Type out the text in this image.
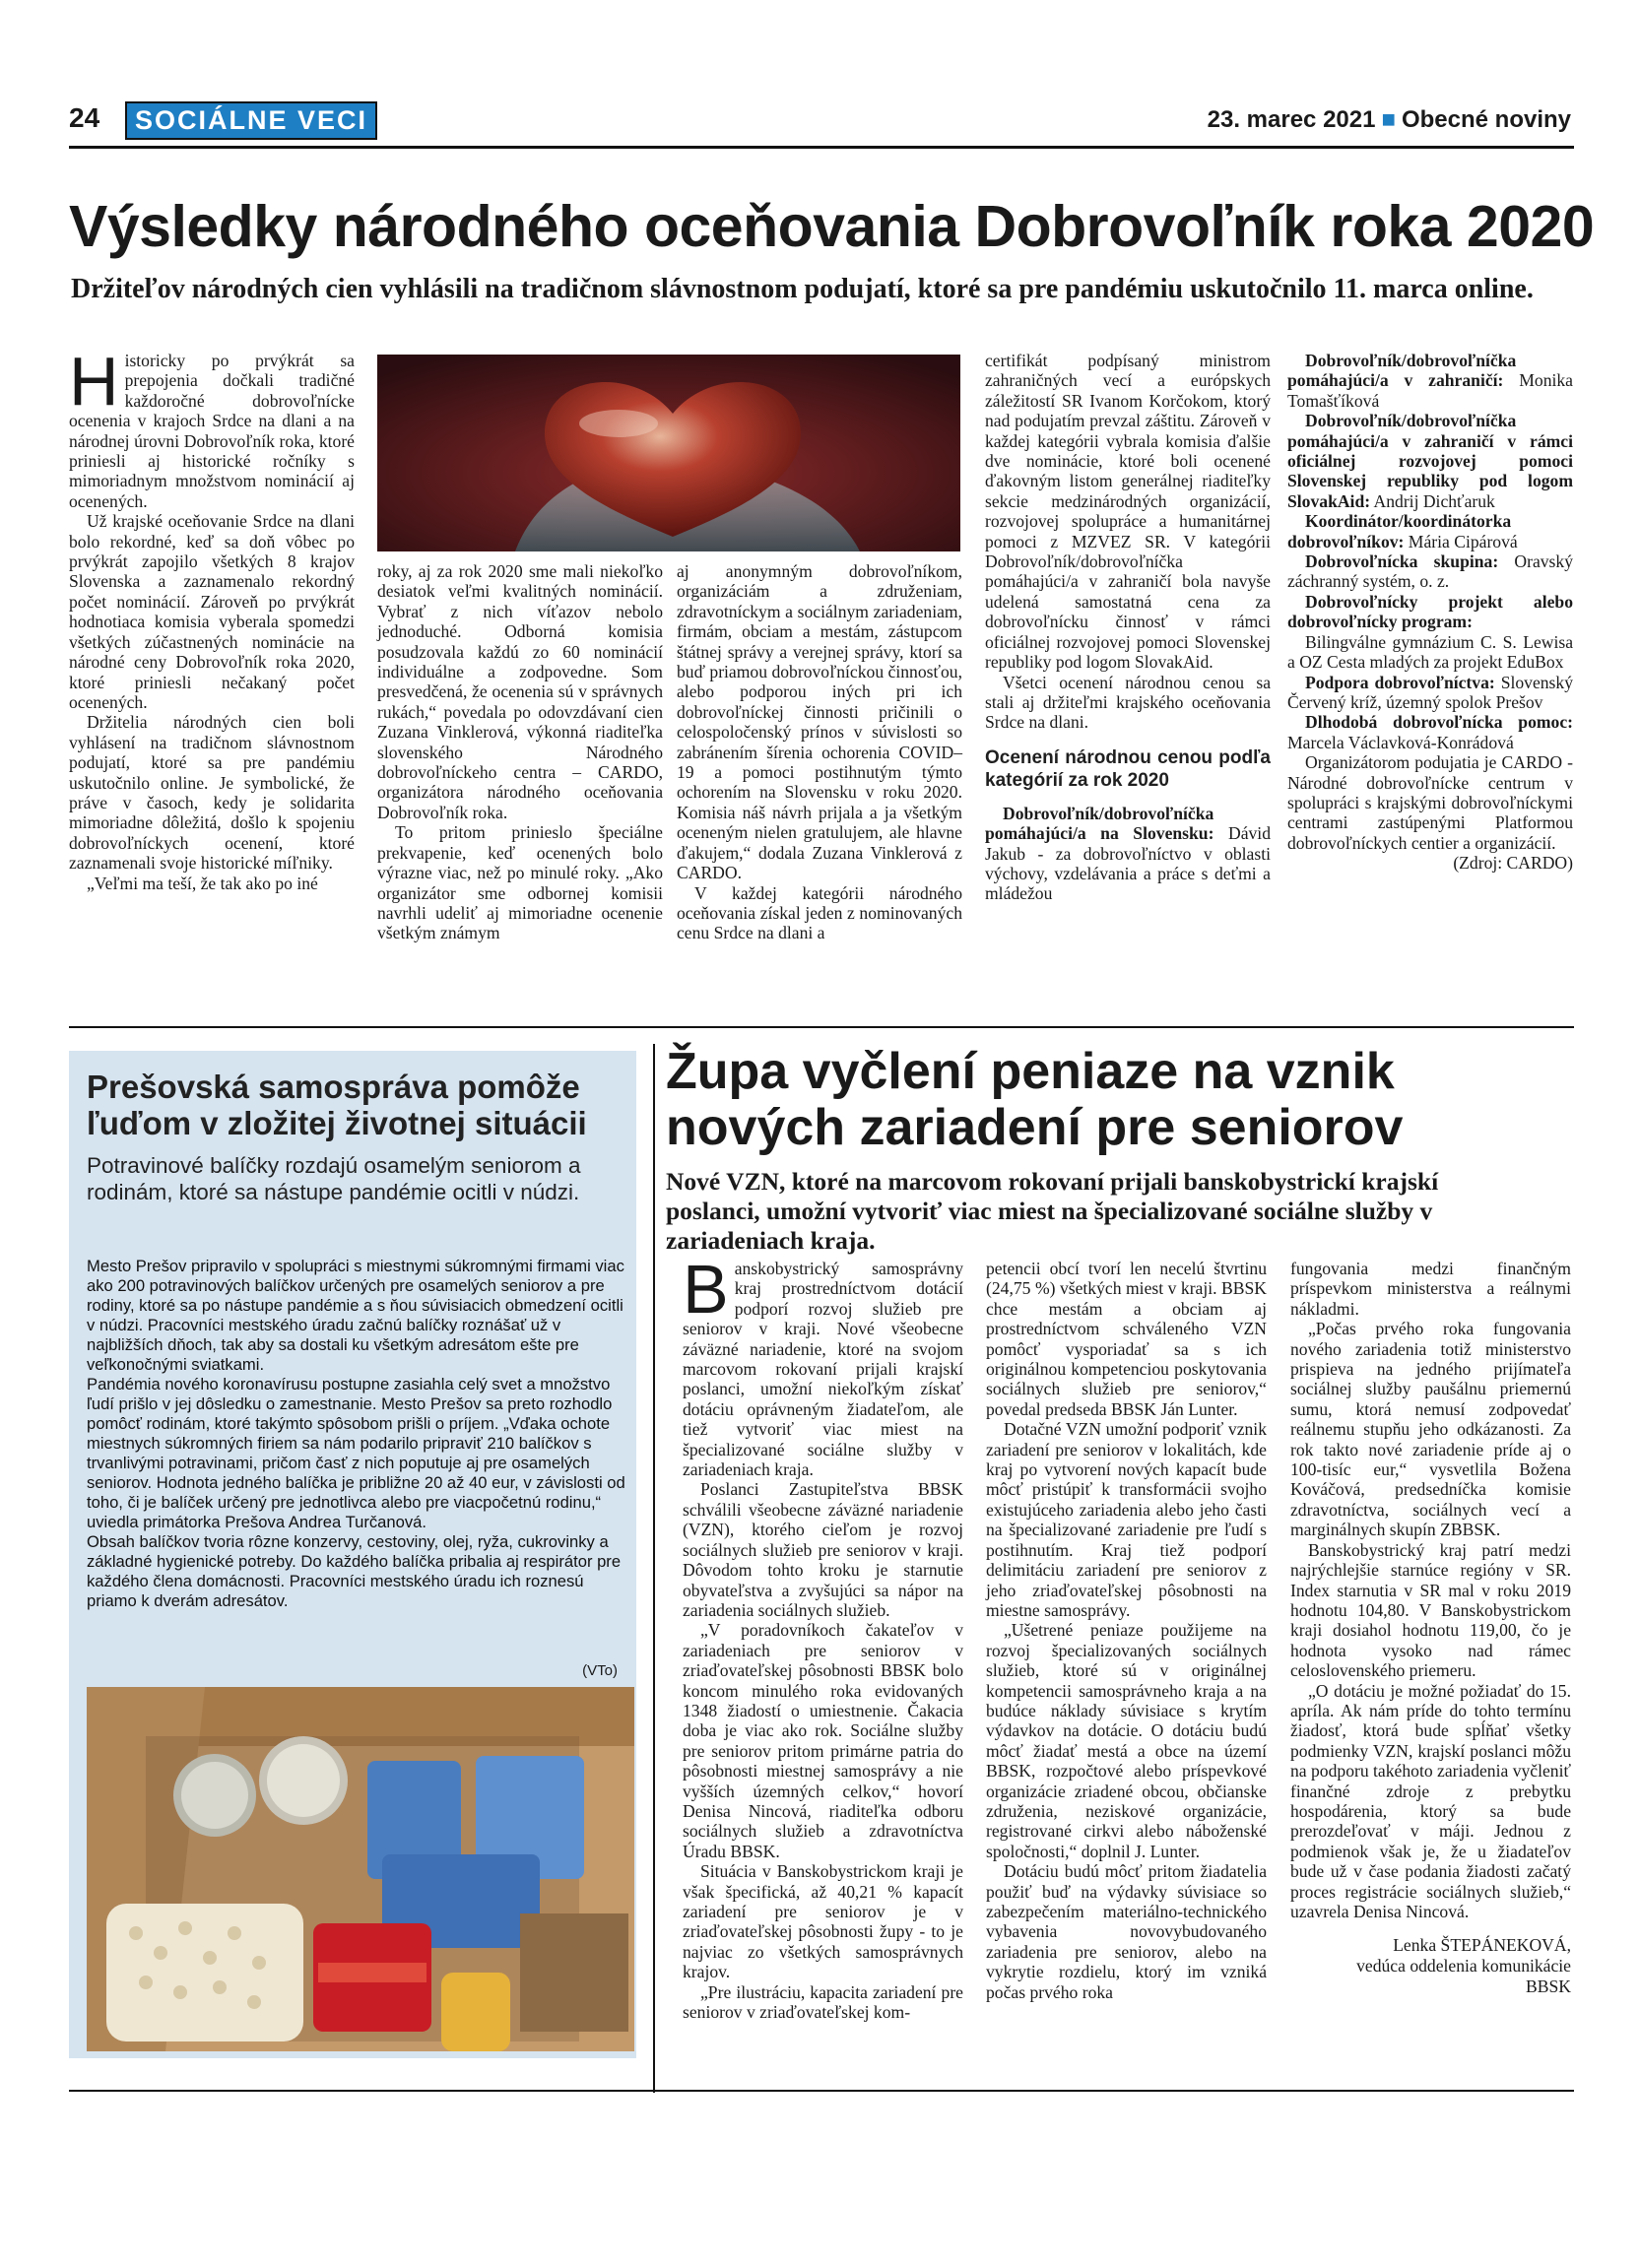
24	SOCIÁLNE VECI	23. marec 2021 ■ Obecné noviny
Výsledky národného oceňovania Dobrovoľník roka 2020
Držiteľov národných cien vyhlásili na tradičnom slávnostnom podujatí, ktoré sa pre pandémiu uskutočnilo 11. marca online.

Historicky po prvýkrát sa prepojenia dočkali tradičné každoročné dobrovoľnícke ocenenia v krajoch Srdce na dlani a na národnej úrovni Dobrovoľník roka, ktoré priniesli aj historické ročníky s mimoriadnym množstvom nominácií aj ocenených.

Už krajské oceňovanie Srdce na dlani bolo rekordné, keď sa doň vôbec po prvýkrát zapojilo všetkých 8 krajov Slovenska a zaznamenalo rekordný počet nominácií. Zároveň po prvýkrát hodnotiaca komisia vyberala spomedzi všetkých zúčastnených nominácie na národné ceny Dobrovoľník roka 2020, ktoré priniesli nečakaný počet ocenených.

Držitelia národných cien boli vyhlásení na tradičnom slávnostnom podujatí, ktoré sa pre pandémiu uskutočnilo online. Je symbolické, že práve v časoch, kedy je solidarita mimoriadne dôležitá, došlo k spojeniu dobrovoľníckych ocenení, ktoré zaznamenali svoje historické míľniky.

„Veľmi ma teší, že tak ako po iné

roky, aj za rok 2020 sme mali niekoľko desiatok veľmi kvalitných nominácií. Vybrať z nich víťazov nebolo jednoduché. Odborná komisia posudzovala každú zo 60 nominácií individuálne a zodpovedne. Som presvedčená, že ocenenia sú v správnych rukách,“ povedala po odovzdávaní cien Zuzana Vinklerová, výkonná riaditeľka slovenského Národného dobrovoľníckeho centra – CARDO, organizátora národného oceňovania Dobrovoľník roka.

To pritom prinieslo špeciálne prekvapenie, keď ocenených bolo výrazne viac, než po minulé roky. „Ako organizátor sme odbornej komisii navrhli udeliť aj mimoriadne ocenenie všetkým známym

aj anonymným dobrovoľníkom, organizáciám a združeniam, zdravotníckym a sociálnym zariadeniam, firmám, obciam a mestám, zástupcom štátnej správy a verejnej správy, ktorí sa buď priamou dobrovoľníckou činnosťou, alebo podporou iných pri ich dobrovoľníckej činnosti pričinili o celospoločenský prínos v súvislosti so zabránením šírenia ochorenia COVID–19 a pomoci postihnutým týmto ochorením na Slovensku v roku 2020. Komisia náš návrh prijala a ja všetkým oceneným nielen gratulujem, ale hlavne ďakujem,“ dodala Zuzana Vinklerová z CARDO.

V každej kategórii národného oceňovania získal jeden z nominovaných cenu Srdce na dlani a

certifikát podpísaný ministrom zahraničných vecí a európskych záležitostí SR Ivanom Korčokom, ktorý nad podujatím prevzal záštitu. Zároveň v každej kategórii vybrala komisia ďalšie dve nominácie, ktoré boli ocenené ďakovným listom generálnej riaditeľky sekcie medzinárodných organizácií, rozvojovej spolupráce a humanitárnej pomoci z MZVEZ SR. V kategórii Dobrovoľník/dobrovoľníčka pomáhajúci/a v zahraničí bola navyše udelená samostatná cena za dobrovoľnícku činnosť v rámci oficiálnej rozvojovej pomoci Slovenskej republiky pod logom SlovakAid.

Všetci ocenení národnou cenou sa stali aj držiteľmi krajského oceňovania Srdce na dlani.

Ocenení národnou cenou podľa kategórií za rok 2020

Dobrovoľník/dobrovoľníčka pomáhajúci/a na Slovensku: Dávid Jakub - za dobrovoľníctvo v oblasti výchovy, vzdelávania a práce s deťmi a mládežou

Dobrovoľník/dobrovoľníčka pomáhajúci/a v zahraničí: Monika Tomašťíková

Dobrovoľník/dobrovoľníčka pomáhajúci/a v zahraničí v rámci oficiálnej rozvojovej pomoci Slovenskej republiky pod logom SlovakAid: Andrij Dichťaruk

Koordinátor/koordinátorka dobrovoľníkov: Mária Cipárová

Dobrovoľnícka skupina: Oravský záchranný systém, o. z.

Dobrovoľnícky projekt alebo dobrovoľnícky program:

Bilingválne gymnázium C. S. Lewisa a OZ Cesta mladých za projekt EduBox

Podpora dobrovoľníctva: Slovenský Červený kríž, územný spolok Prešov

Dlhodobá dobrovoľnícka pomoc: Marcela Václavková-Konrádová

Organizátorom podujatia je CARDO - Národné dobrovoľnícke centrum v spolupráci s krajskými dobrovoľníckymi centrami zastúpenými Platformou dobrovoľníckych centier a organizácií.

(Zdroj: CARDO)
Prešovská samospráva pomôže ľuďom v zložitej životnej situácii
Potravinové balíčky rozdajú osamelým seniorom a rodinám, ktoré sa nástupe pandémie ocitli v núdzi.

Mesto Prešov pripravilo v spolupráci s miestnymi súkromnými firmami viac ako 200 potravinových balíčkov určených pre osamelých seniorov a pre rodiny, ktoré sa po nástupe pandémie a s ňou súvisiacich obmedzení ocitli v núdzi. Pracovníci mestského úradu začnú balíčky roznášať už v najbližších dňoch, tak aby sa dostali ku všetkým adresátom ešte pre veľkonočnými sviatkami.

Pandémia nového koronavírusu postupne zasiahla celý svet a množstvo ľudí prišlo v jej dôsledku o zamestnanie. Mesto Prešov sa preto rozhodlo pomôcť rodinám, ktoré takýmto spôsobom prišli o príjem. „Vďaka ochote miestnych súkromných firiem sa nám podarilo pripraviť 210 balíčkov s trvanlivými potravinami, pričom časť z nich poputuje aj pre osamelých seniorov. Hodnota jedného balíčka je približne 20 až 40 eur, v závislosti od toho, či je balíček určený pre jednotlivca alebo pre viacpočetnú rodinu,“ uviedla primátorka Prešova Andrea Turčanová.

Obsah balíčkov tvoria rôzne konzervy, cestoviny, olej, ryža, cukrovinky a základné hygienické potreby. Do každého balíčka pribalia aj respirátor pre každého člena domácnosti. Pracovníci mestského úradu ich roznesú priamo k dverám adresátov.

(VTo)
Župa vyčlení peniaze na vznik nových zariadení pre seniorov
Nové VZN, ktoré na marcovom rokovaní prijali banskobystrickí krajskí poslanci, umožní vytvoriť viac miest na špecializované sociálne služby v zariadeniach kraja.

Banskobystrický samosprávny kraj prostredníctvom dotácií podporí rozvoj služieb pre seniorov v kraji. Nové všeobecne záväzné nariadenie, ktoré na svojom marcovom rokovaní prijali krajskí poslanci, umožní niekoľkým získať dotáciu oprávneným žiadateľom, ale tiež vytvoriť viac miest na špecializované sociálne služby v zariadeniach kraja.

Poslanci Zastupiteľstva BBSK schválili všeobecne záväzné nariadenie (VZN), ktorého cieľom je rozvoj sociálnych služieb pre seniorov v kraji. Dôvodom tohto kroku je starnutie obyvateľstva a zvyšujúci sa nápor na zariadenia sociálnych služieb.

„V poradovníkoch čakateľov v zariadeniach pre seniorov v zriaďovateľskej pôsobnosti BBSK bolo koncom minulého roka evidovaných 1348 žiadostí o umiestnenie. Čakacia doba je viac ako rok. Sociálne služby pre seniorov pritom primárne patria do pôsobnosti miestnej samosprávy a nie vyšších územných celkov,“ hovorí Denisa Nincová, riaditeľka odboru sociálnych služieb a zdravotníctva Úradu BBSK.

Situácia v Banskobystrickom kraji je však špecifická, až 40,21 % kapacít zariadení pre seniorov je v zriaďovateľskej pôsobnosti župy - to je najviac zo všetkých samosprávnych krajov.

„Pre ilustráciu, kapacita zariadení pre seniorov v zriaďovateľskej kom-

petencii obcí tvorí len necelú štvrtinu (24,75 %) všetkých miest v kraji. BBSK chce mestám a obciam aj prostredníctvom schváleného VZN pomôcť vysporiadať sa s ich originálnou kompetenciou poskytovania sociálnych služieb pre seniorov,“ povedal predseda BBSK Ján Lunter.

Dotačné VZN umožní podporiť vznik zariadení pre seniorov v lokalitách, kde kraj po vytvorení nových kapacít bude môcť pristúpiť k transformácii svojho existujúceho zariadenia alebo jeho časti na špecializované zariadenie pre ľudí s postihnutím. Kraj tiež podporí delimitáciu zariadení pre seniorov z jeho zriaďovateľskej pôsobnosti na miestne samosprávy.

„Ušetrené peniaze použijeme na rozvoj špecializovaných sociálnych služieb, ktoré sú v originálnej kompetencii samosprávneho kraja a na budúce náklady súvisiace s krytím výdavkov na dotácie. O dotáciu budú môcť žiadať mestá a obce na území BBSK, rozpočtové alebo príspevkové organizácie zriadené obcou, občianske združenia, neziskové organizácie, registrované cirkvi alebo náboženské spoločnosti,“ doplnil J. Lunter.

Dotáciu budú môcť pritom žiadatelia použiť buď na výdavky súvisiace so zabezpečením materiálno-technického vybavenia novovybudovaného zariadenia pre seniorov, alebo na vykrytie rozdielu, ktorý im vzniká počas prvého roka

fungovania medzi finančným príspevkom ministerstva a reálnymi nákladmi.

„Počas prvého roka fungovania nového zariadenia totiž ministerstvo prispieva na jedného prijímateľa sociálnej služby paušálnu priemernú sumu, ktorá nemusí zodpovedať reálnemu stupňu jeho odkázanosti. Za rok takto nové zariadenie príde aj o 100-tisíc eur,“ vysvetlila Božena Kováčová, predsedníčka komisie zdravotníctva, sociálnych vecí a marginálnych skupín ZBBSK.

Banskobystrický kraj patrí medzi najrýchlejšie starnúce regióny v SR. Index starnutia v SR mal v roku 2019 hodnotu 104,80. V Banskobystrickom kraji dosiahol hodnotu 119,00, čo je hodnota vysoko nad rámec celoslovenského priemeru.

„O dotáciu je možné požiadať do 15. apríla. Ak nám príde do tohto termínu žiadosť, ktorá bude spĺňať všetky podmienky VZN, krajskí poslanci môžu na podporu takéhoto zariadenia vyčleniť finančné zdroje z prebytku hospodárenia, ktorý sa bude prerozdeľovať v máji. Jednou z podmienok však je, že u žiadateľov bude už v čase podania žiadosti začatý proces registrácie sociálnych služieb,“ uzavrela Denisa Nincová.

Lenka ŠTEPÁNEKOVÁ,
vedúca oddelenia komunikácie
BBSK
